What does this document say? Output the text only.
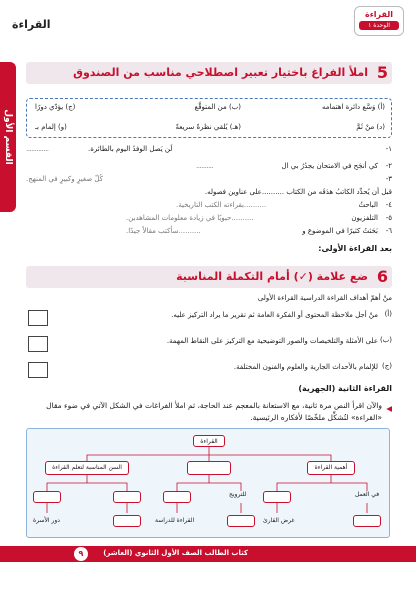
القراءة
الوحدة ١
القراءة
القسم الأول
5
املأ الفراغ باختيار تعبير اصطلاحي مناسب من الصندوق
(أ) وَسَّع دائرة اهتمامه
(ب) من المتوقَّع
(ج) يؤدّي دورًا
(د) منْ ثَمَّ
(هـ) يُلقي نظرةً سريعةً
(و) إلمام بـ
١-
.............	لَن يَصل الوفدُ اليوم بالطائرة.
٢-
كي أنجَح في الامتحان يجدُرُ بي ال
..........
٣-
كُلّ صغيرٍ وكبيرٍ في المنهج.
قبل أن يُحدِّد الكاتبُ هدَفَه من الكتاب ..........على عناوين فصوله.
٤-
الباحثُ
..........بقراءته الكتب التاريخية.
٥-
التلفزيون
..........حيويًا في زيادة معلومات المشاهدين.
٦-
بَحَثتُ كثيرًا في الموضوع و
..........سأكتب مقالاً جيدًا.
بعد القراءة الأولى:
6
ضع علامة (✓) أمام التكملة المناسبة
منْ أهمّ أهداف القراءة الدراسية القراءة الأولى
(أ)
منْ أجل ملاحظة المحتوى أو الفكرة العامة ثم تقرير ما يراد التركيز عليه.
(ب)
على الأمثلة والتلخيصات والصور التوضيحية مع التركيز على النقاط المهمة.
(ج)
للإلمام بالأحداث الجارية والعلوم والفنون المختلفة.
القراءة الثانية (الجهرية)
◀

والآن اقرأ النص مرة ثانية، مع الاستعانة بالمعجم عند الحاجة، ثم املأ الفراغات في الشكل الآتي في ضوء مقال «القراءة» لتُشكِّل ملخّصًا لأفكاره الرئيسية.

القراءة
السن المناسبة لتعلم القراءة	أهمية القراءة
للترويج	في العمل
دور الأسرة	القراءة للدراسة	غرض القارئ
كتاب الطالب الصف الأول الثانوي (العاشر)
٩
